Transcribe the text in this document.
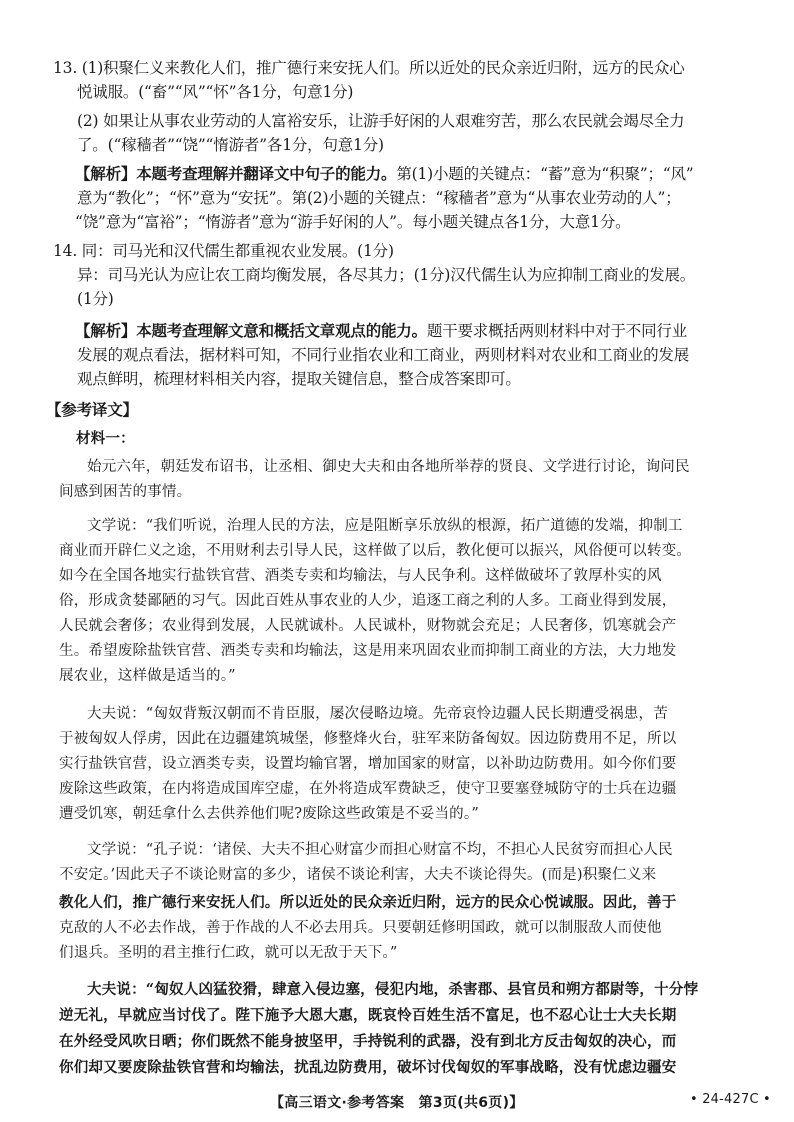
13. (1)积聚仁义来教化人们，推广德行来安抚人们。所以近处的民众亲近归附，远方的民众心
悦诚服。(“畜”“风”“怀”各1分，句意1分)
(2) 如果让从事农业劳动的人富裕安乐，让游手好闲的人艰难穷苦，那么农民就会竭尽全力
了。(“稼穑者”“饶”“惰游者”各1分，句意1分)
【解析】本题考查理解并翻译文中句子的能力。第(1)小题的关键点：“蓄”意为“积聚”；“风”
意为“教化”；“怀”意为“安抚”。第(2)小题的关键点：“稼穑者”意为“从事农业劳动的人”；
“饶”意为“富裕”；“惰游者”意为“游手好闲的人”。每小题关键点各1分，大意1分。
14. 同：司马光和汉代儒生都重视农业发展。(1分)
异：司马光认为应让农工商均衡发展，各尽其力；(1分)汉代儒生认为应抑制工商业的发展。
(1分)
【解析】本题考查理解文意和概括文章观点的能力。题干要求概括两则材料中对于不同行业
发展的观点看法，据材料可知，不同行业指农业和工商业，两则材料对农业和工商业的发展
观点鲜明，梳理材料相关内容，提取关键信息，整合成答案即可。
【参考译文】
材料一：
始元六年，朝廷发布诏书，让丞相、御史大夫和由各地所举荐的贤良、文学进行讨论，询问民
间感到困苦的事情。
文学说：“我们听说，治理人民的方法，应是阻断享乐放纵的根源，拓广道德的发端，抑制工
商业而开辟仁义之途，不用财利去引导人民，这样做了以后，教化便可以振兴，风俗便可以转变。
如今在全国各地实行盐铁官营、酒类专卖和均输法，与人民争利。这样做破坏了敦厚朴实的风
俗，形成贪婪鄙陋的习气。因此百姓从事农业的人少，追逐工商之利的人多。工商业得到发展，
人民就会奢侈；农业得到发展，人民就诚朴。人民诚朴，财物就会充足；人民奢侈，饥寒就会产
生。希望废除盐铁官营、酒类专卖和均输法，这是用来巩固农业而抑制工商业的方法，大力地发
展农业，这样做是适当的。”
大夫说：“匈奴背叛汉朝而不肯臣服，屡次侵略边境。先帝哀怜边疆人民长期遭受祸患，苦
于被匈奴人俘虏，因此在边疆建筑城堡，修整烽火台，驻军来防备匈奴。因边防费用不足，所以
实行盐铁官营，设立酒类专卖，设置均输官署，增加国家的财富，以补助边防费用。如今你们要
废除这些政策，在内将造成国库空虚，在外将造成军费缺乏，使守卫要塞登城防守的士兵在边疆
遭受饥寒，朝廷拿什么去供养他们呢?废除这些政策是不妥当的。”
文学说：“孔子说：‘诸侯、大夫不担心财富少而担心财富不均，不担心人民贫穷而担心人民
不安定。’因此天子不谈论财富的多少，诸侯不谈论利害，大夫不谈论得失。(而是)积聚仁义来
教化人们，推广德行来安抚人们。所以近处的民众亲近归附，远方的民众心悦诚服。因此，善于
克敌的人不必去作战，善于作战的人不必去用兵。只要朝廷修明国政，就可以制服敌人而使他
们退兵。圣明的君主推行仁政，就可以无敌于天下。”
大夫说：“匈奴人凶猛狡猾，肆意入侵边塞，侵犯内地，杀害郡、县官员和朔方都尉等，十分悖
逆无礼，早就应当讨伐了。陛下施予大恩大惠，既哀怜百姓生活不富足，也不忍心让士大夫长期
在外经受风吹日晒；你们既然不能身披坚甲，手持锐利的武器，没有到北方反击匈奴的决心，而
你们却又要废除盐铁官营和均输法，扰乱边防费用，破坏讨伐匈奴的军事战略，没有忧虑边疆安
【高三语文·参考答案　第3页(共6页)】	• 24-427C •
